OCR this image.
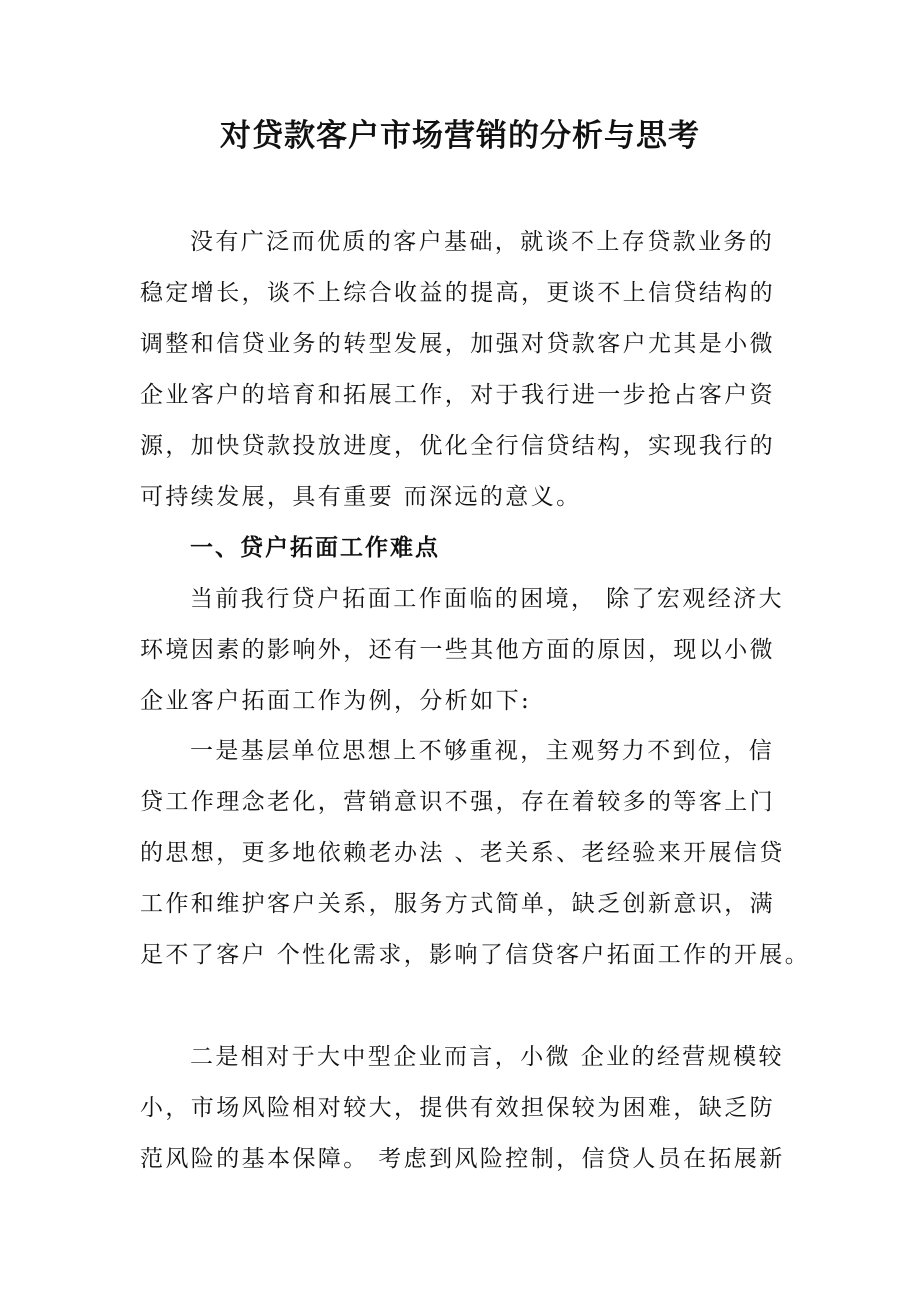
对贷款客户市场营销的分析与思考
没有广泛而优质的客户基础，就谈不上存贷款业务的
稳定增长，谈不上综合收益的提高，更谈不上信贷结构的
调整和信贷业务的转型发展，加强对贷款客户尤其是小微
企业客户的培育和拓展工作，对于我行进一步抢占客户资
源，加快贷款投放进度，优化全行信贷结构，实现我行的
可持续发展，具有重要 而深远的意义。
一、贷户拓面工作难点
当前我行贷户拓面工作面临的困境， 除了宏观经济大
环境因素的影响外，还有一些其他方面的原因，现以小微
企业客户拓面工作为例，分析如下:
一是基层单位思想上不够重视，主观努力不到位，信
贷工作理念老化，营销意识不强，存在着较多的等客上门
的思想，更多地依赖老办法 、老关系、老经验来开展信贷
工作和维护客户关系，服务方式简单，缺乏创新意识，满
足不了客户 个性化需求，影响了信贷客户拓面工作的开展。
二是相对于大中型企业而言，小微 企业的经营规模较
小，市场风险相对较大，提供有效担保较为困难，缺乏防
范风险的基本保障。 考虑到风险控制，信贷人员在拓展新
